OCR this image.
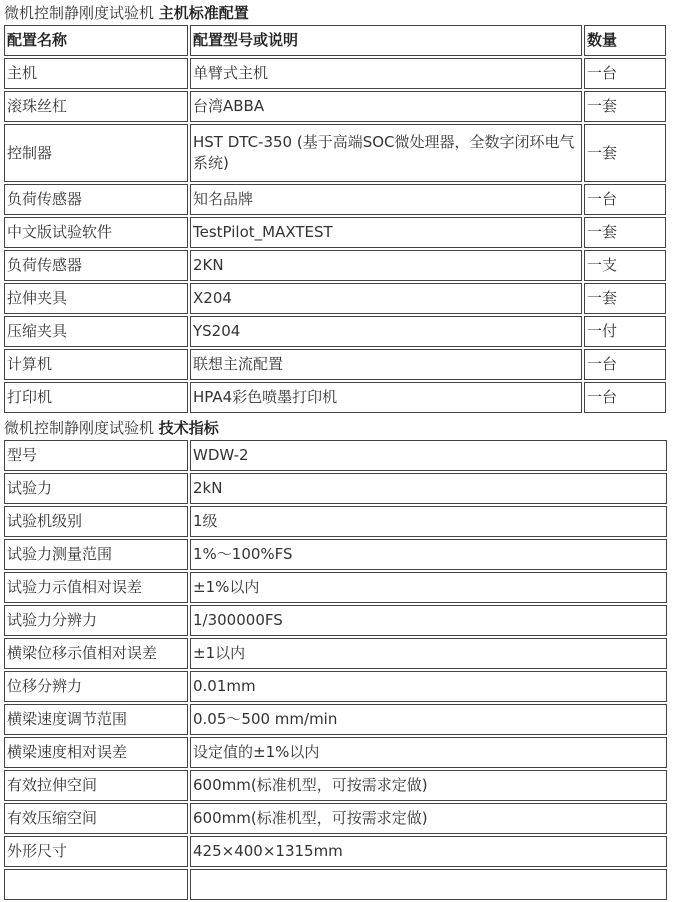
微机控制静刚度试验机 主机标准配置
配置名称	配置型号或说明	数量
主机	单臂式主机	一台
滚珠丝杠	台湾ABBA	一套
控制器	HST DTC-350 (基于高端SOC微处理器，全数字闭环电气系统)	一套
负荷传感器	知名品牌	一台
中文版试验软件	TestPilot_MAXTEST	一套
负荷传感器	2KN	一支
拉伸夹具	X204	一套
压缩夹具	YS204	一付
计算机	联想主流配置	一台
打印机	HPA4彩色喷墨打印机	一台
微机控制静刚度试验机 技术指标
型号	WDW-2
试验力	2kN
试验机级别	1级
试验力测量范围	1%～100%FS
试验力示值相对误差	±1%以内
试验力分辨力	1/300000FS
横梁位移示值相对误差	±1以内
位移分辨力	0.01mm
横梁速度调节范围	0.05～500 mm/min
横梁速度相对误差	设定值的±1%以内
有效拉伸空间	600mm(标准机型，可按需求定做)
有效压缩空间	600mm(标准机型，可按需求定做)
外形尺寸	425×400×1315mm
